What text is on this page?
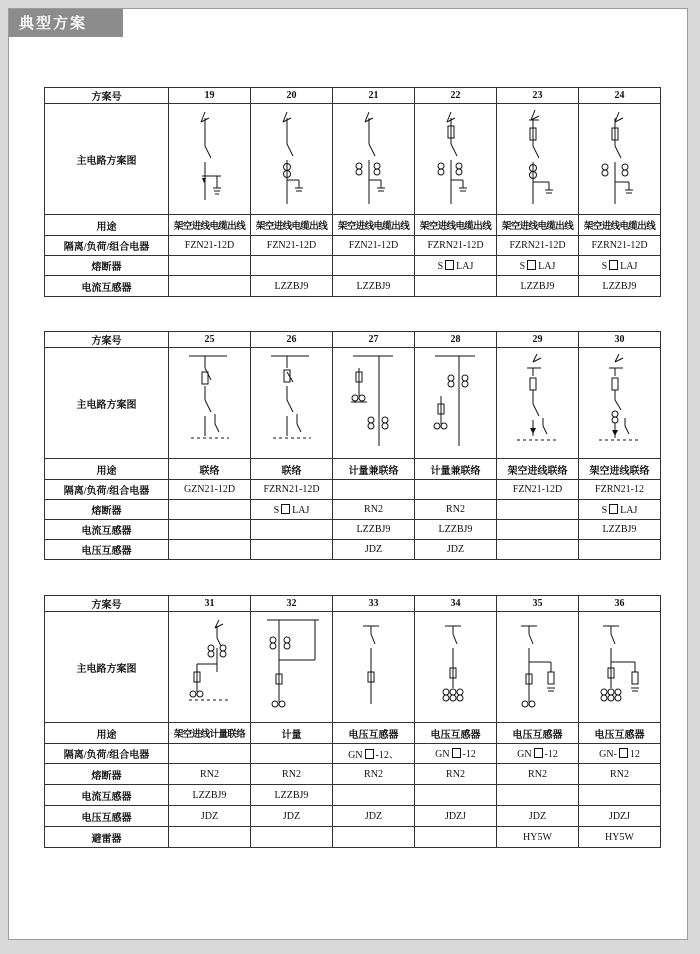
典型方案
方案号	19	20	21	22	23	24
主电路方案图	

用途	架空进线电缆出线	架空进线电缆出线	架空进线电缆出线	架空进线电缆出线	架空进线电缆出线	架空进线电缆出线
隔离/负荷/组合电器	FZN21-12D	FZN21-12D	FZN21-12D	FZRN21-12D	FZRN21-12D	FZRN21-12D
熔断器				S LAJ	S LAJ	S LAJ
电流互感器		LZZBJ9	LZZBJ9		LZZBJ9	LZZBJ9
方案号	25	26	27	28	29	30
主电路方案图	

用途	联络	联络	计量兼联络	计量兼联络	架空进线联络	架空进线联络
隔离/负荷/组合电器	GZN21-12D	FZRN21-12D			FZN21-12D	FZRN21-12
熔断器		S LAJ	RN2	RN2		S LAJ
电流互感器			LZZBJ9	LZZBJ9		LZZBJ9
电压互感器			JDZ	JDZ		
方案号	31	32	33	34	35	36
主电路方案图	

用途	架空进线计量联络	计量	电压互感器	电压互感器	电压互感器	电压互感器
隔离/负荷/组合电器			GN -12、	GN -12	GN -12	GN- 12
熔断器	RN2	RN2	RN2	RN2	RN2	RN2
电流互感器	LZZBJ9	LZZBJ9				
电压互感器	JDZ	JDZ	JDZ	JDZJ	JDZ	JDZJ
避雷器					HY5W	HY5W
